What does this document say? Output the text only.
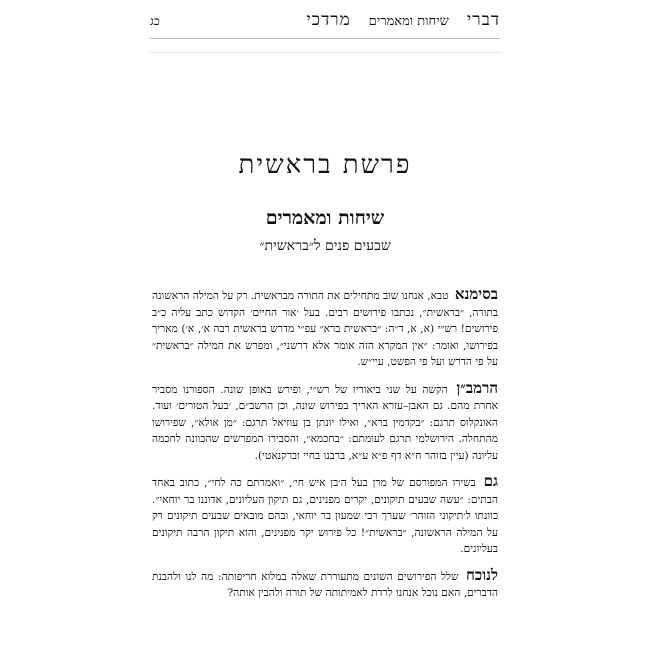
דברי
שיחות ומאמרים
מרדכי
כג
פרשת בראשית
שיחות ומאמרים
שבעים פנים ל״בראשית״

בסימנא טבא, אנחנו שוב מתחילים את התורה מבראשית. רק על המילה הראשונה בתורה, ״בראשית״, נכתבו פירושים רבים. בעל ׳אור החיים׳ הקדוש כתב עליה כ״ב פירושים! רש״י (א, א, ד״ה: ״בראשית ברא״ עפ״י מדרש בראשית רבה א׳, א׳) מאריך בפירושו, ואומר: ״אין המקרא הזה אומר אלא דרשני״, ומפרש את המילה ״בראשית״ על פי הדרש ועל פי הפשט, עיי״ש.

הרמב״ן הקשה על שני ביאוריו של רש״י, ופירש באופן שונה. הספורנו מסביר אחרת מהם. גם האבן–עזרא האריך בפירוש שונה, וכן הרשב״ם, ׳בעל הטורים׳ ועוד. האונקלוס תרגם: ״בקדמין ברא״, ואילו יונתן בן עוזיאל תרגם: ״מן אולא״, שפירושו מהתחלה. הירושלמי תרגם לעומתם: ״בחכמא״, והסבירו המפרשים שהכוונה לחכמה עליונה (עיין בזוהר ח״א דף פ״א ע״א, ברבנו בחיי וברקנאטי).

גם בשירו המפורסם של מרן בעל ה׳בן איש חי׳, ״ואמרתם כה לחי״, כתוב באחד הבתים: ״עשה שבעים תיקונים, יקרים מפנינים, גם תיקון העליונים, אדוננו בר יוחאי״. כוונתו ל׳תיקוני הזוהר׳ שערך רבי שמעון בר יוחאי, ובהם מובאים שבעים תיקונים רק על המילה הראשונה, ״בראשית״! כל פירוש יקר מפנינים, והוא תיקון הרבה תיקונים בעליונים.

לנוכח שלל הפירושים השונים מתעוררת שאלה במלוא חריפותה: מה לנו ולהבנת הדברים, האם נוכל אנחנו לרדת לאמיתותה של תורה ולהבין אותה?
